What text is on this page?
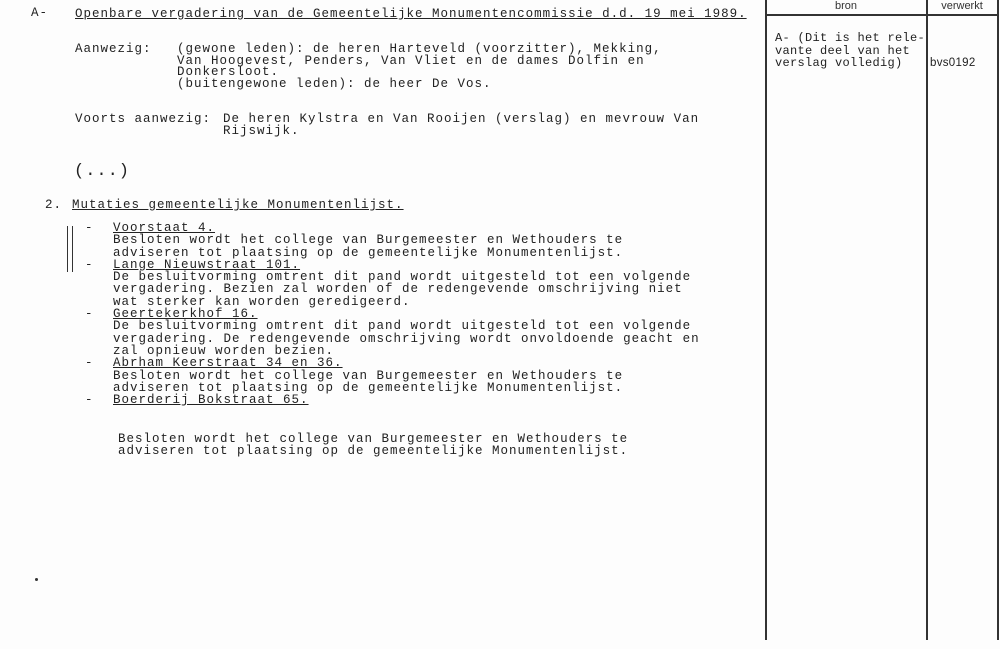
A- Openbare vergadering van de Gemeentelijke Monumentencommissie d.d. 19 mei 1989.
Aanwezig: (gewone leden): de heren Harteveld (voorzitter), Mekking,
Van Hoogevest, Penders, Van Vliet en de dames Dolfin en
Donkersloot.
(buitengewone leden): de heer De Vos.
Voorts aanwezig: De heren Kylstra en Van Rooijen (verslag) en mevrouw Van
Rijswijk.
(...)
2. Mutaties gemeentelijke Monumentenlijst.
- Voorstaat 4.
Besloten wordt het college van Burgemeester en Wethouders te
adviseren tot plaatsing op de gemeentelijke Monumentenlijst.
- Lange Nieuwstraat 101.
De besluitvorming omtrent dit pand wordt uitgesteld tot een volgende
vergadering. Bezien zal worden of de redengevende omschrijving niet
wat sterker kan worden geredigeerd.
- Geertekerkhof 16.
De besluitvorming omtrent dit pand wordt uitgesteld tot een volgende
vergadering. De redengevende omschrijving wordt onvoldoende geacht en
zal opnieuw worden bezien.
- Abrham Keerstraat 34 en 36.
Besloten wordt het college van Burgemeester en Wethouders te
adviseren tot plaatsing op de gemeentelijke Monumentenlijst.
- Boerderij Bokstraat 65.
Besloten wordt het college van Burgemeester en Wethouders te
adviseren tot plaatsing op de gemeentelijke Monumentenlijst.
bron	verwerkt
A- (Dit is het rele-
vante deel van het
verslag volledig)	bvs0192
